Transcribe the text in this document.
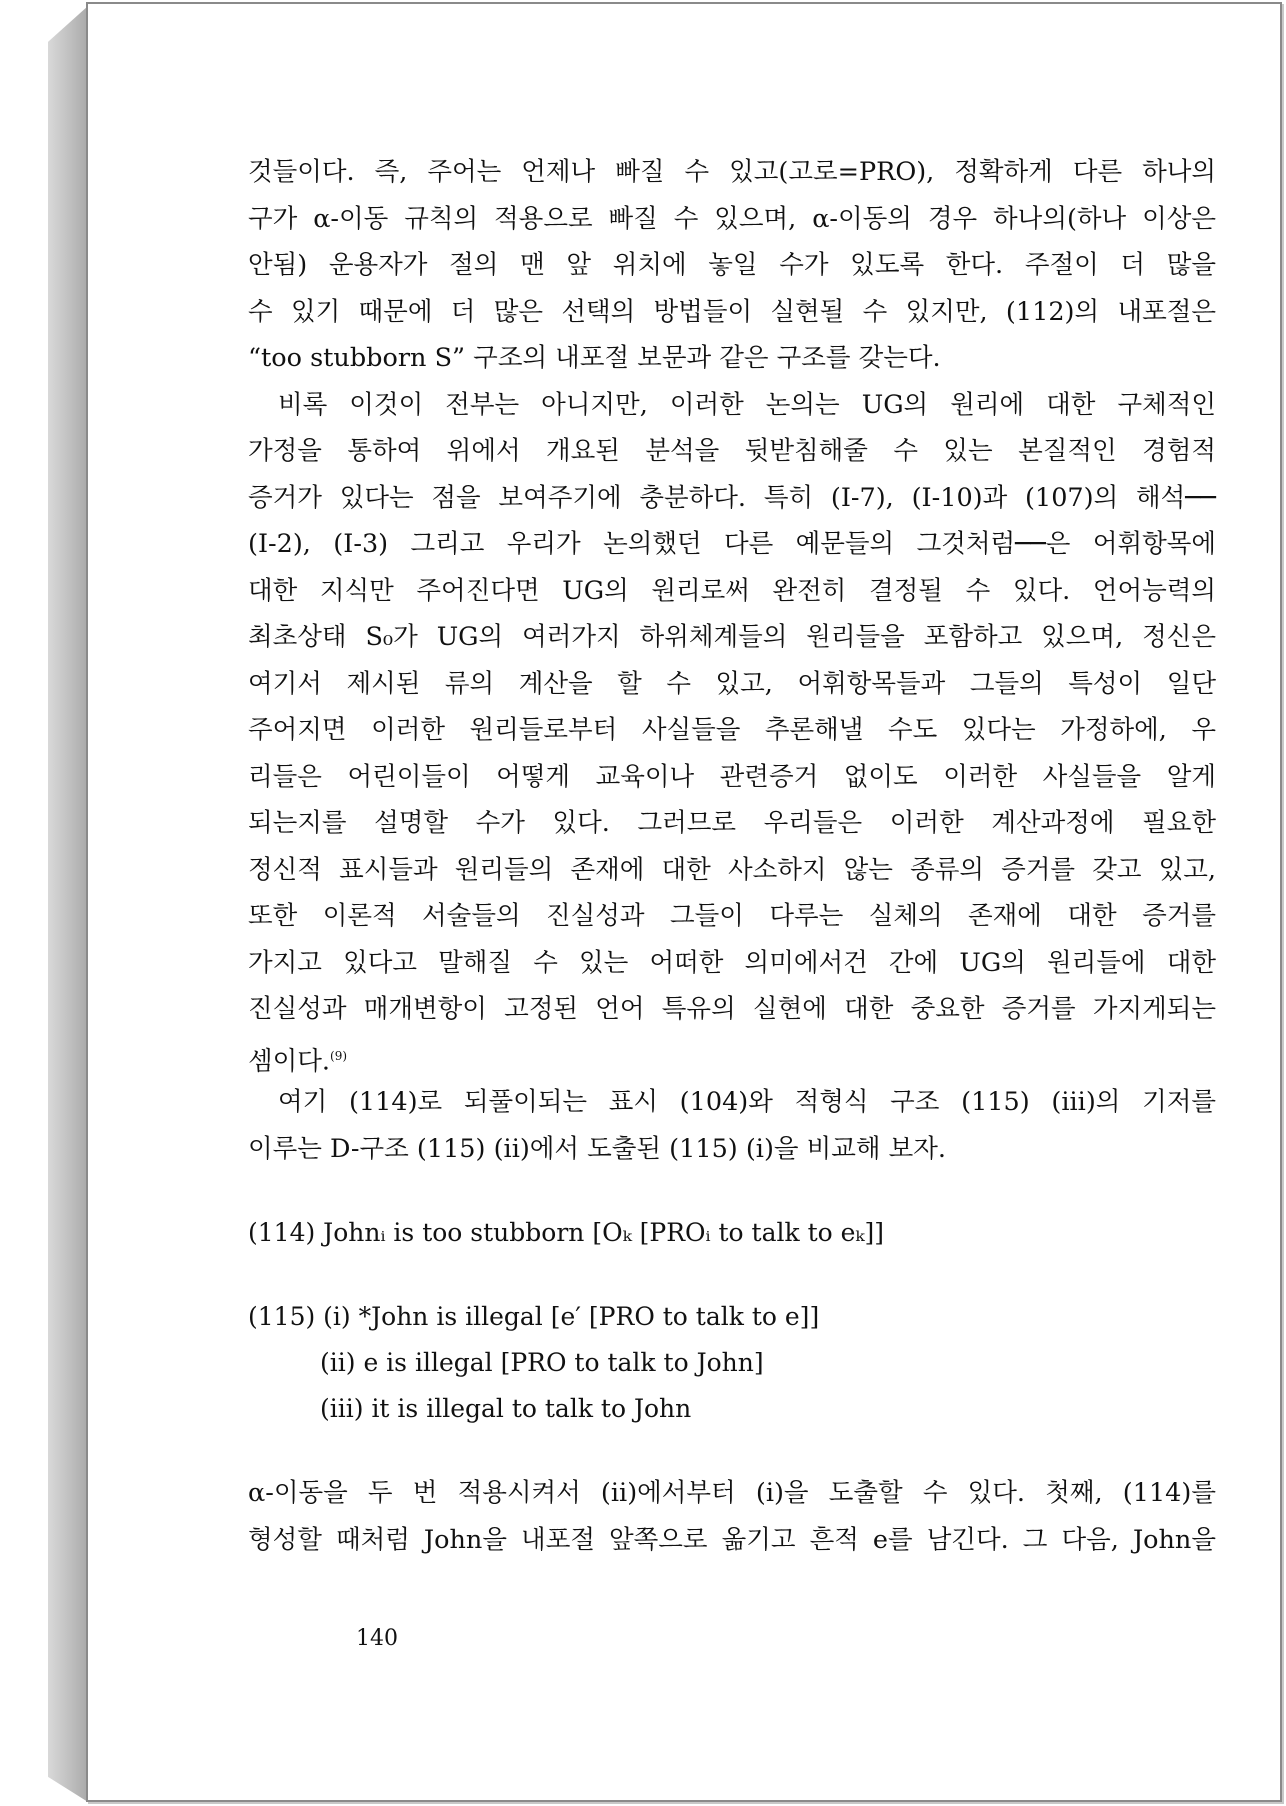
것들이다. 즉, 주어는 언제나 빠질 수 있고(고로=PRO), 정확하게 다른 하나의
구가 α-이동 규칙의 적용으로 빠질 수 있으며, α-이동의 경우 하나의(하나 이상은
안됨) 운용자가 절의 맨 앞 위치에 놓일 수가 있도록 한다. 주절이 더 많을
수 있기 때문에 더 많은 선택의 방법들이 실현될 수 있지만, (112)의 내포절은
“too stubborn S” 구조의 내포절 보문과 같은 구조를 갖는다.
비록 이것이 전부는 아니지만, 이러한 논의는 UG의 원리에 대한 구체적인
가정을 통하여 위에서 개요된 분석을 뒷받침해줄 수 있는 본질적인 경험적
증거가 있다는 점을 보여주기에 충분하다. 특히 (I-7), (I-10)과 (107)의 해석──
(I-2), (I-3) 그리고 우리가 논의했던 다른 예문들의 그것처럼──은 어휘항목에
대한 지식만 주어진다면 UG의 원리로써 완전히 결정될 수 있다. 언어능력의
최초상태 S₀가 UG의 여러가지 하위체계들의 원리들을 포함하고 있으며, 정신은
여기서 제시된 류의 계산을 할 수 있고, 어휘항목들과 그들의 특성이 일단
주어지면 이러한 원리들로부터 사실들을 추론해낼 수도 있다는 가정하에, 우
리들은 어린이들이 어떻게 교육이나 관련증거 없이도 이러한 사실들을 알게
되는지를 설명할 수가 있다. 그러므로 우리들은 이러한 계산과정에 필요한
정신적 표시들과 원리들의 존재에 대한 사소하지 않는 종류의 증거를 갖고 있고,
또한 이론적 서술들의 진실성과 그들이 다루는 실체의 존재에 대한 증거를
가지고 있다고 말해질 수 있는 어떠한 의미에서건 간에 UG의 원리들에 대한
진실성과 매개변항이 고정된 언어 특유의 실현에 대한 중요한 증거를 가지게되는
셈이다.$^{(9)}$
여기 (114)로 되풀이되는 표시 (104)와 적형식 구조 (115) (iii)의 기저를
이루는 D-구조 (115) (ii)에서 도출된 (115) (i)을 비교해 보자.
(114) Johnᵢ is too stubborn [Oₖ [PROᵢ to talk to eₖ]]
(115) (i) *John is illegal [e′ [PRO to talk to e]]
(ii) e is illegal [PRO to talk to John]
(iii) it is illegal to talk to John
α-이동을 두 번 적용시켜서 (ii)에서부터 (i)을 도출할 수 있다. 첫째, (114)를
형성할 때처럼 John을 내포절 앞쪽으로 옮기고 흔적 e를 남긴다. 그 다음, John을
140
